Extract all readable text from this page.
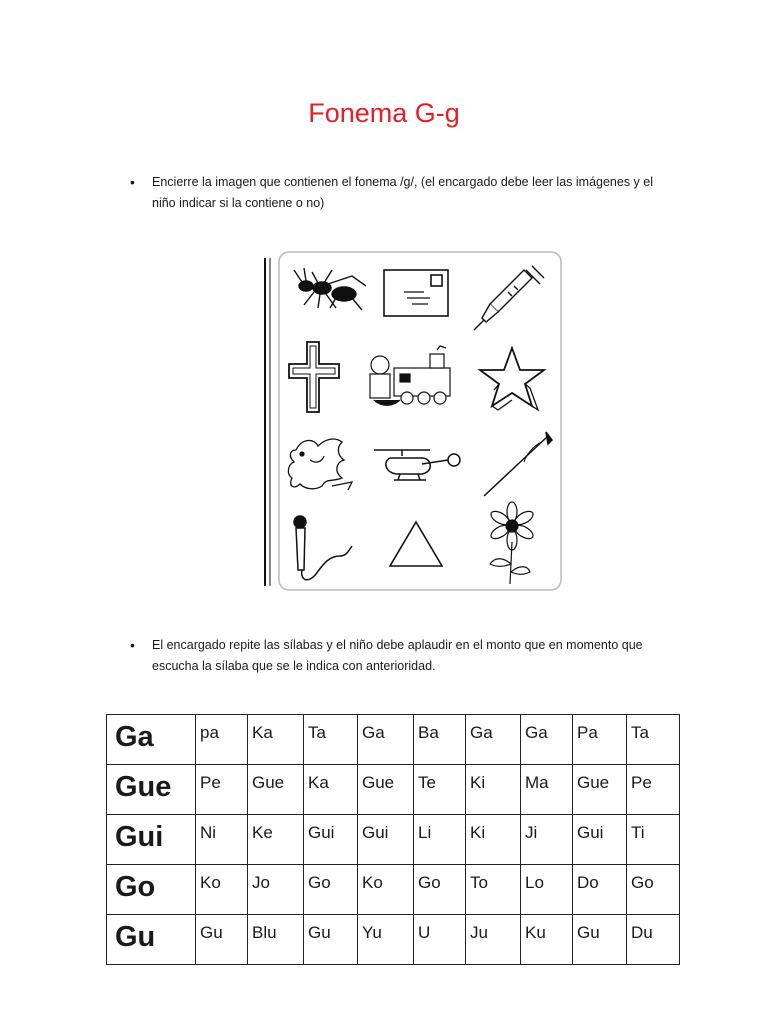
Fonema G-g
• Encierre la imagen que contienen el fonema /g/, (el encargado debe leer las imágenes y el niño indicar si la contiene o no)
• El encargado repite las sílabas y el niño debe aplaudir en el monto que en momento que escucha la sílaba que se le indica con anterioridad.
Ga	pa	Ka	Ta	Ga	Ba	Ga	Ga	Pa	Ta
Gue	Pe	Gue	Ka	Gue	Te	Ki	Ma	Gue	Pe
Gui	Ni	Ke	Gui	Gui	Li	Ki	Ji	Gui	Ti
Go	Ko	Jo	Go	Ko	Go	To	Lo	Do	Go
Gu	Gu	Blu	Gu	Yu	U	Ju	Ku	Gu	Du
